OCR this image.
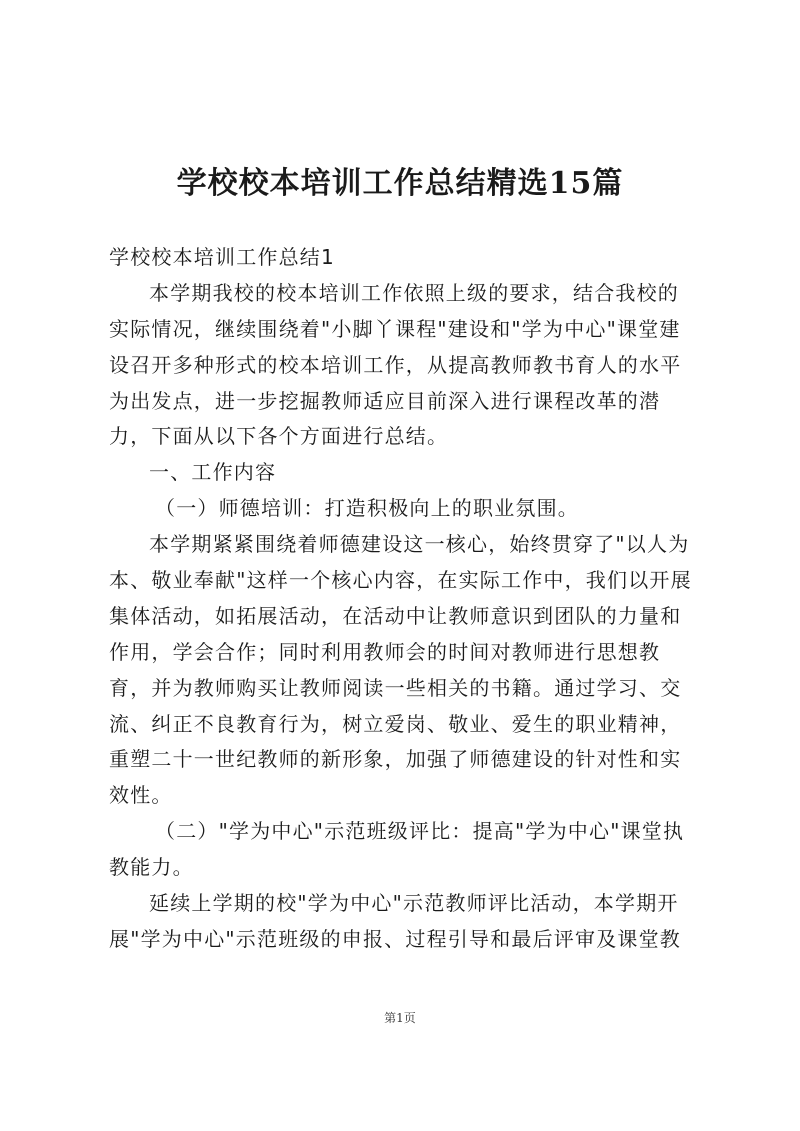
学校校本培训工作总结精选15篇
学校校本培训工作总结1
本学期我校的校本培训工作依照上级的要求，结合我校的
实际情况，继续围绕着"小脚丫课程"建设和"学为中心"课堂建
设召开多种形式的校本培训工作，从提高教师教书育人的水平
为出发点，进一步挖掘教师适应目前深入进行课程改革的潜
力，下面从以下各个方面进行总结。
一、工作内容
（一）师德培训：打造积极向上的职业氛围。
本学期紧紧围绕着师德建设这一核心，始终贯穿了"以人为
本、敬业奉献"这样一个核心内容，在实际工作中，我们以开展
集体活动，如拓展活动，在活动中让教师意识到团队的力量和
作用，学会合作；同时利用教师会的时间对教师进行思想教
育，并为教师购买让教师阅读一些相关的书籍。通过学习、交
流、纠正不良教育行为，树立爱岗、敬业、爱生的职业精神，
重塑二十一世纪教师的新形象，加强了师德建设的针对性和实
效性。
（二）"学为中心"示范班级评比：提高"学为中心"课堂执
教能力。
延续上学期的校"学为中心"示范教师评比活动，本学期开
展"学为中心"示范班级的申报、过程引导和最后评审及课堂教
第1页
